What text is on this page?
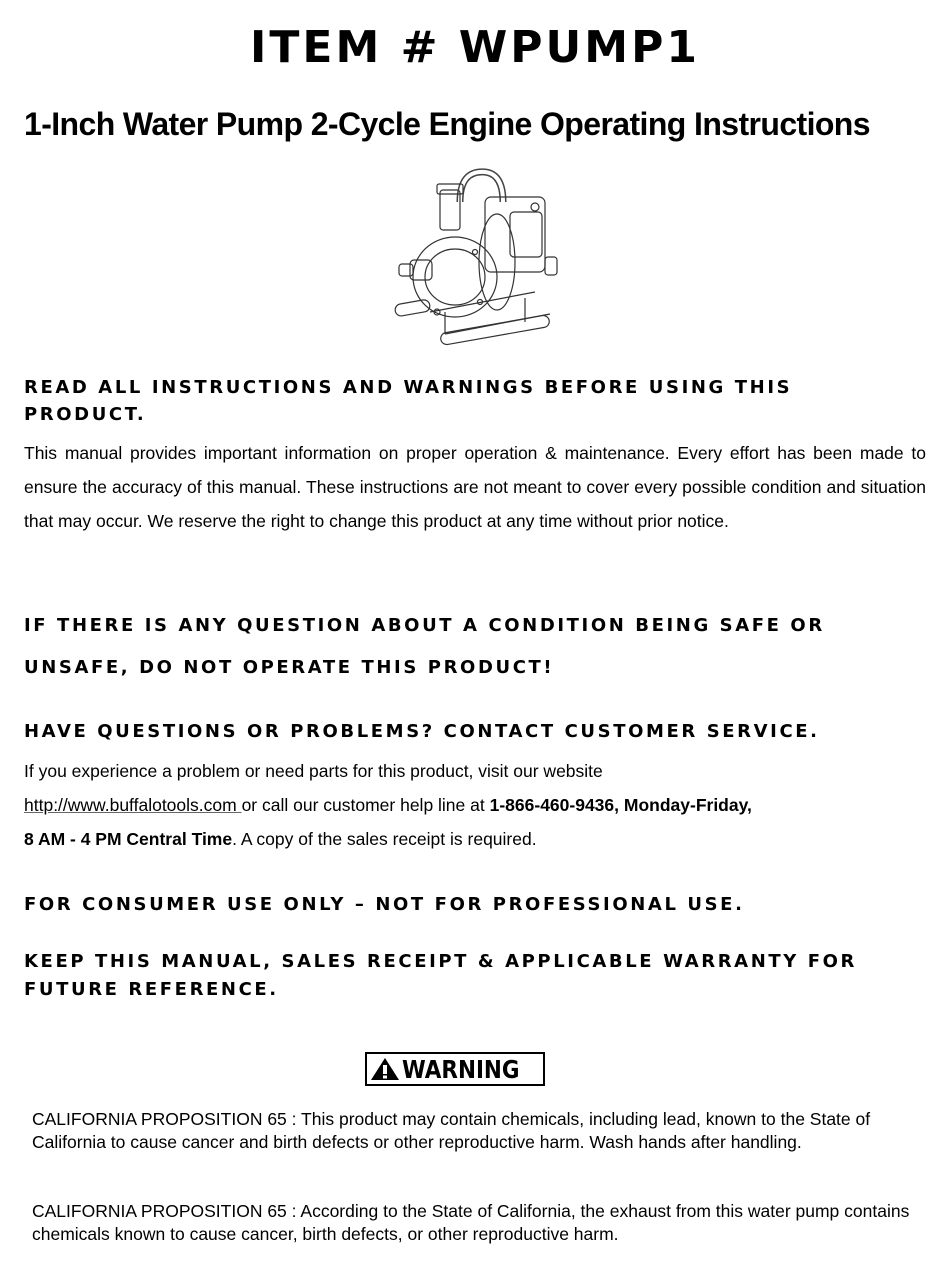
ITEM # WPUMP1
1-Inch Water Pump 2-Cycle Engine Operating Instructions
READ ALL INSTRUCTIONS AND WARNINGS BEFORE USING THIS
PRODUCT.
This manual provides important information on proper operation & maintenance. Every effort has been made to ensure the accuracy of this manual. These instructions are not meant to cover every possible condition and situation that may occur. We reserve the right to change this product at any time without prior notice.
IF THERE IS ANY QUESTION ABOUT A CONDITION BEING SAFE OR
UNSAFE, DO NOT OPERATE THIS PRODUCT!
HAVE QUESTIONS OR PROBLEMS? CONTACT CUSTOMER SERVICE.
If you experience a problem or need parts for this product, visit our website
http://www.buffalotools.com or call our customer help line at 1-866-460-9436, Monday-Friday,
8 AM - 4 PM Central Time. A copy of the sales receipt is required.
FOR CONSUMER USE ONLY – NOT FOR PROFESSIONAL USE.
KEEP THIS MANUAL, SALES RECEIPT & APPLICABLE WARRANTY FOR
FUTURE REFERENCE.
WARNING
CALIFORNIA PROPOSITION 65 : This product may contain chemicals, including lead, known to the State of California to cause cancer and birth defects or other reproductive harm. Wash hands after handling.
CALIFORNIA PROPOSITION 65 : According to the State of California, the exhaust from this water pump contains chemicals known to cause cancer, birth defects, or other reproductive harm.
